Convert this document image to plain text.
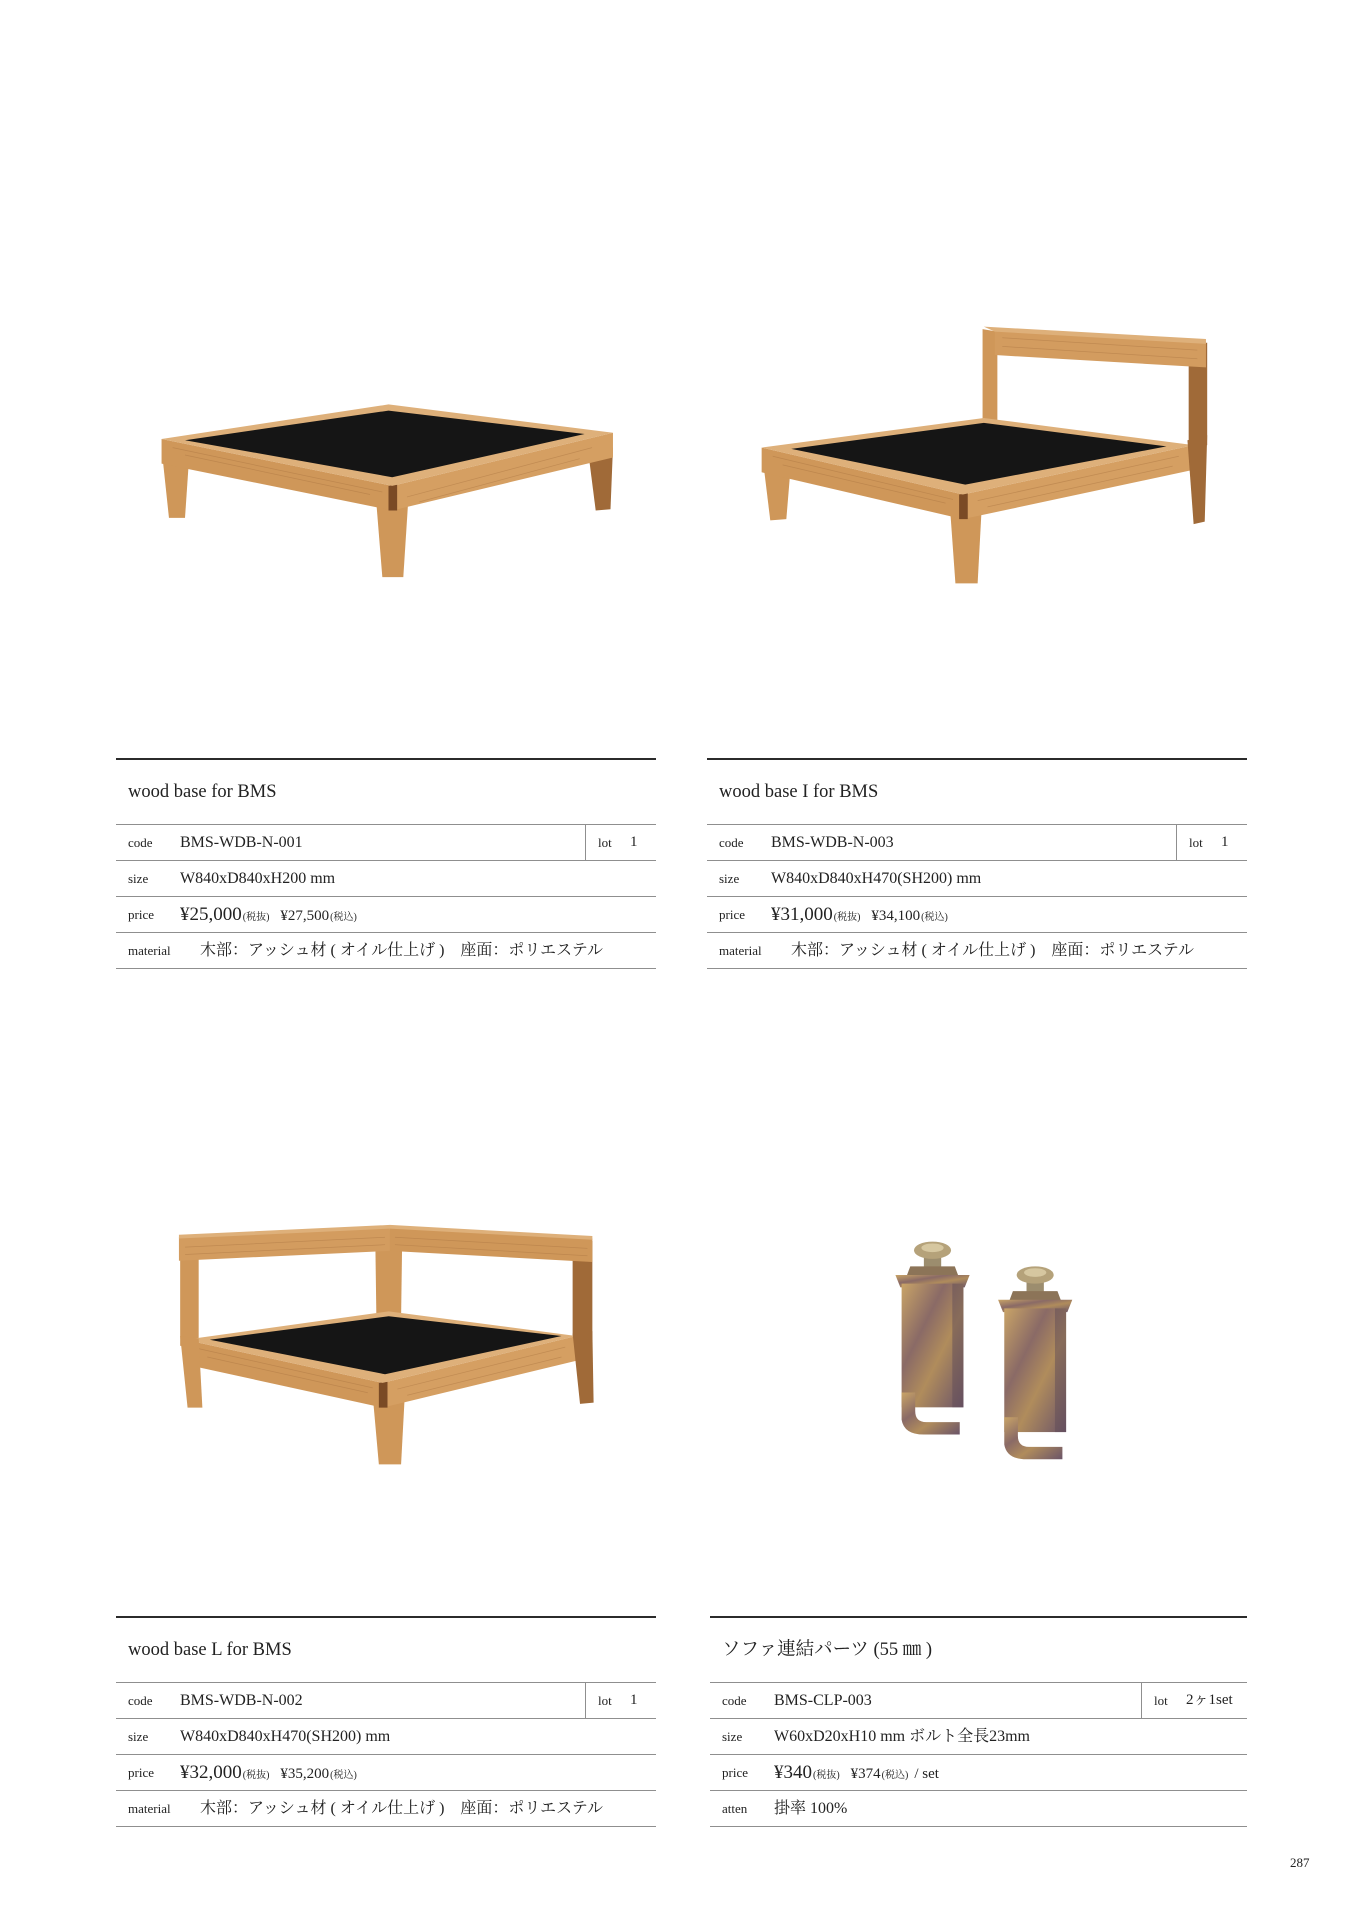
wood base for BMS
code BMS-WDB-N-001	lot 1
size W840xD840xH200 mm
price ¥25,000(税抜) ¥27,500(税込)
material 木部：アッシュ材 ( オイル仕上げ )　座面：ポリエステル
wood base I for BMS
code BMS-WDB-N-003	lot 1
size W840xD840xH470(SH200) mm
price ¥31,000(税抜) ¥34,100(税込)
material 木部：アッシュ材 ( オイル仕上げ )　座面：ポリエステル
wood base L for BMS
code BMS-WDB-N-002	lot 1
size W840xD840xH470(SH200) mm
price ¥32,000(税抜) ¥35,200(税込)
material 木部：アッシュ材 ( オイル仕上げ )　座面：ポリエステル
ソファ連結パーツ (55 ㎜ )
code BMS-CLP-003	lot 2ヶ1set
size W60xD20xH10 mm ボルト全長23mm
price ¥340(税抜) ¥374(税込) / set
atten 掛率 100%
287
